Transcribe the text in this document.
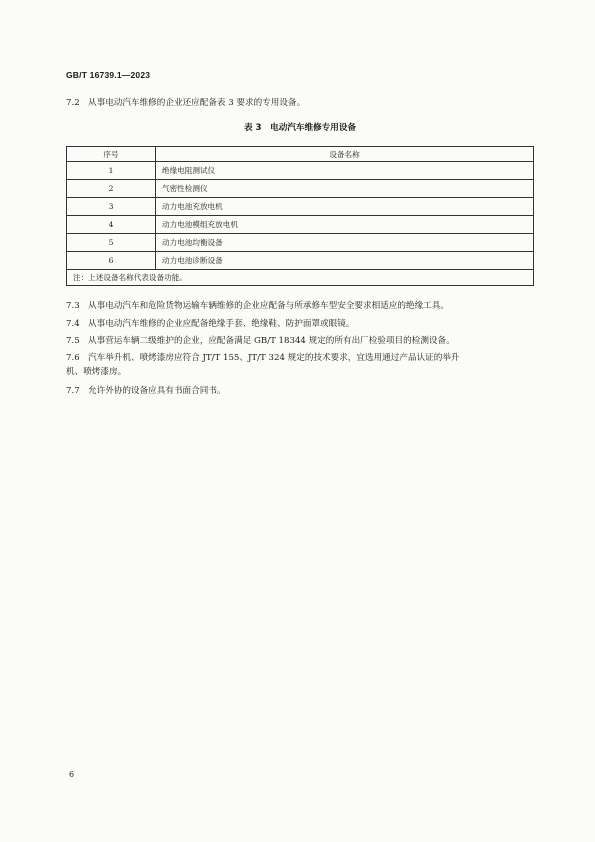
GB/T 16739.1—2023
7.2 从事电动汽车维修的企业还应配备表 3 要求的专用设备。
表 3　电动汽车维修专用设备
序号	设备名称
1	绝缘电阻测试仪
2	气密性检测仪
3	动力电池充放电机
4	动力电池模组充放电机
5	动力电池均衡设备
6	动力电池诊断设备
注：上述设备名称代表设备功能。	
7.3 从事电动汽车和危险货物运输车辆维修的企业应配备与所承修车型安全要求相适应的绝缘工具。
7.4 从事电动汽车维修的企业应配备绝缘手套、绝缘鞋、防护面罩或眼镜。
7.5 从事营运车辆二级维护的企业，应配备满足 GB/T 18344 规定的所有出厂检验项目的检测设备。
7.6 汽车举升机、喷烤漆房应符合 JT/T 155、JT/T 324 规定的技术要求，宜选用通过产品认证的举升
机、喷烤漆房。
7.7 允许外协的设备应具有书面合同书。
6
